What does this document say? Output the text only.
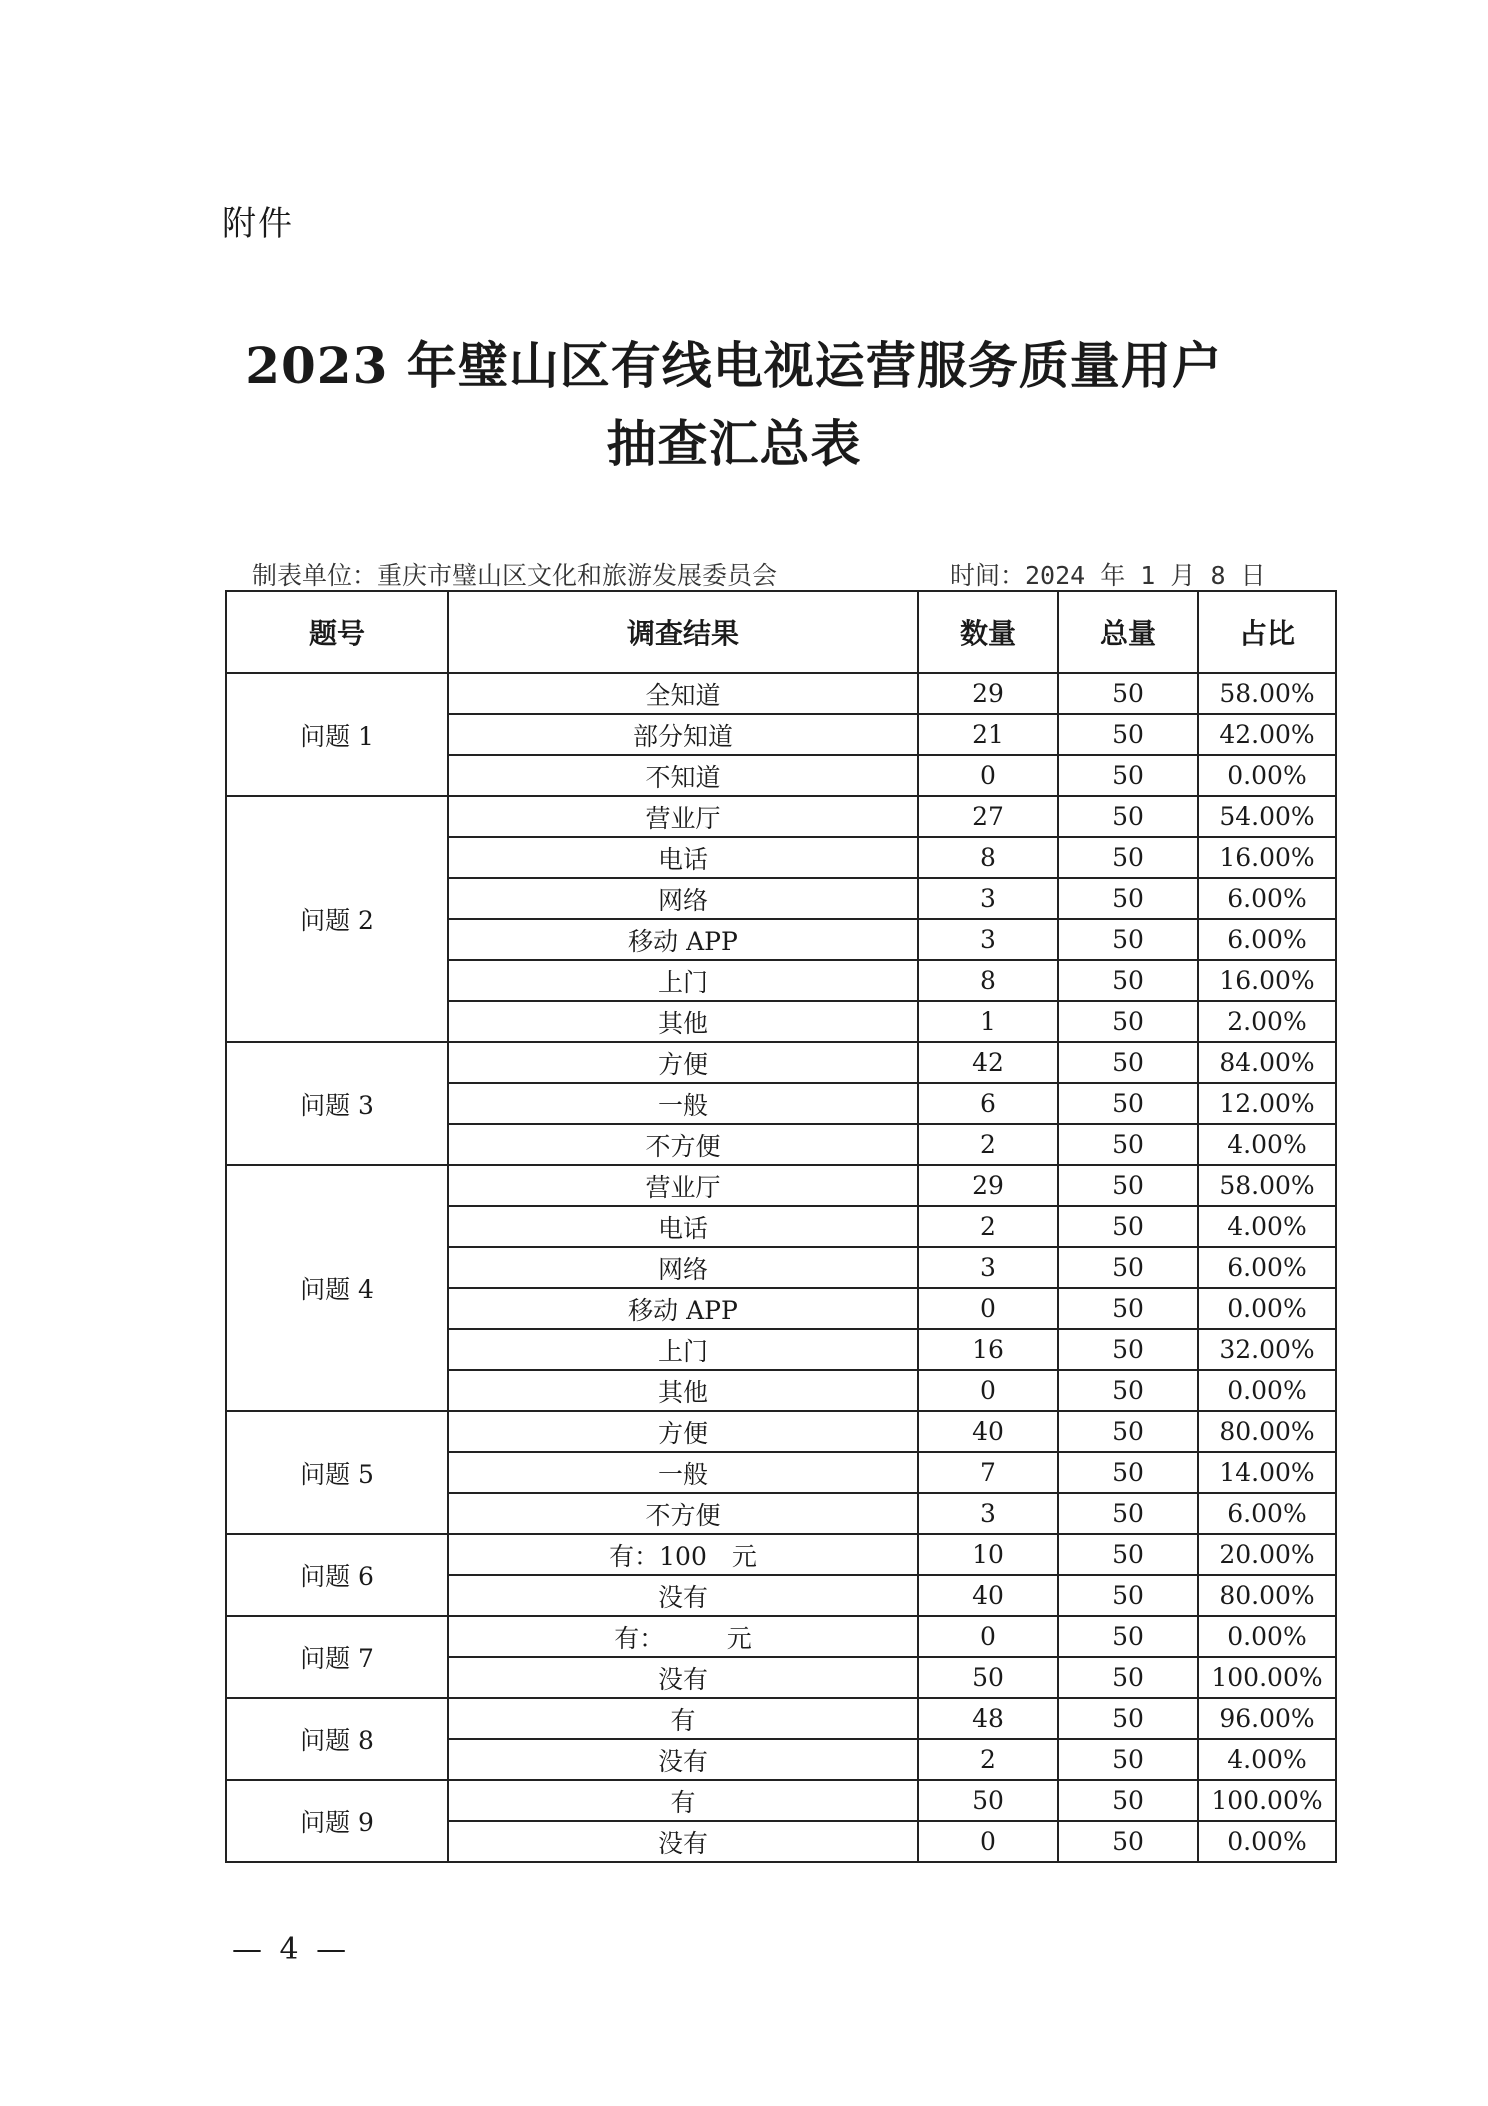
附件
2023 年璧山区有线电视运营服务质量用户
抽查汇总表
制表单位：重庆市璧山区文化和旅游发展委员会	时间：2024 年 1 月 8 日
题号	调查结果	数量	总量	占比
问题 1	全知道	29	50	58.00%
	部分知道	21	50	42.00%
	不知道	0	50	0.00%
问题 2	营业厅	27	50	54.00%
	电话	8	50	16.00%
	网络	3	50	6.00%
	移动 APP	3	50	6.00%
	上门	8	50	16.00%
	其他	1	50	2.00%
问题 3	方便	42	50	84.00%
	一般	6	50	12.00%
	不方便	2	50	4.00%
问题 4	营业厅	29	50	58.00%
	电话	2	50	4.00%
	网络	3	50	6.00%
	移动 APP	0	50	0.00%
	上门	16	50	32.00%
	其他	0	50	0.00%
问题 5	方便	40	50	80.00%
	一般	7	50	14.00%
	不方便	3	50	6.00%
问题 6	有：100　元	10	50	20.00%
	没有	40	50	80.00%
问题 7	有：　　　元	0	50	0.00%
	没有	50	50	100.00%
问题 8	有	48	50	96.00%
	没有	2	50	4.00%
问题 9	有	50	50	100.00%
	没有	0	50	0.00%
— 4 —
